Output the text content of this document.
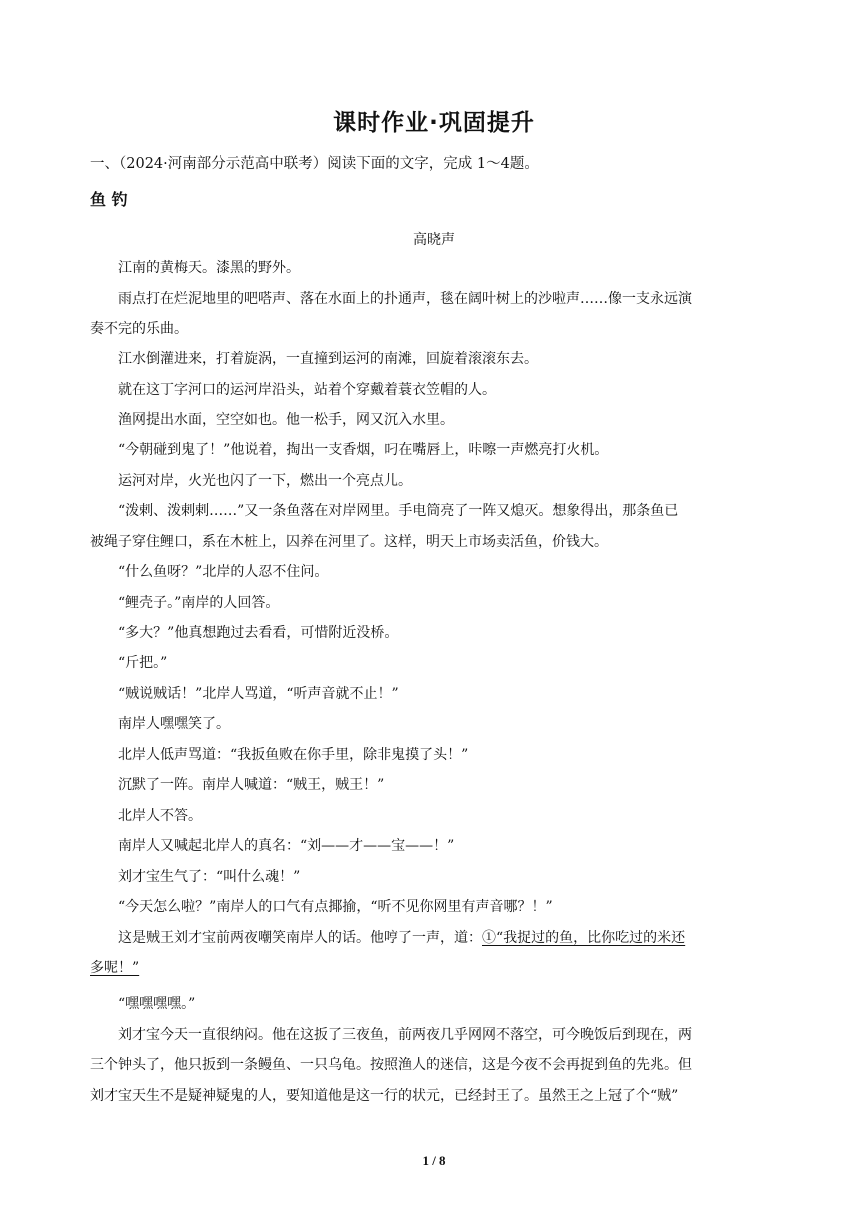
课时作业·巩固提升
一、（2024·河南部分示范高中联考）阅读下面的文字，完成 1～4题。
鱼 钓
高晓声
江南的黄梅天。漆黑的野外。
雨点打在烂泥地里的吧嗒声、落在水面上的扑通声，毯在阔叶树上的沙啦声……像一支永远演
奏不完的乐曲。
江水倒灌进来，打着旋涡，一直撞到运河的南滩，回旋着滚滚东去。
就在这丁字河口的运河岸沿头，站着个穿戴着蓑衣笠帽的人。
渔网提出水面，空空如也。他一松手，网又沉入水里。
“今朝碰到鬼了！”他说着，掏出一支香烟，叼在嘴唇上，咔嚓一声燃亮打火机。
运河对岸，火光也闪了一下，燃出一个亮点儿。
“泼剌、泼剌剌……”又一条鱼落在对岸网里。手电筒亮了一阵又熄灭。想象得出，那条鱼已
被绳子穿住鲤口，系在木桩上，囚养在河里了。这样，明天上市场卖活鱼，价钱大。
“什么鱼呀？”北岸的人忍不住问。
“鲤壳子。”南岸的人回答。
“多大？”他真想跑过去看看，可惜附近没桥。
“斤把。”
“贼说贼话！”北岸人骂道，“听声音就不止！”
南岸人嘿嘿笑了。
北岸人低声骂道：“我扳鱼败在你手里，除非鬼摸了头！”
沉默了一阵。南岸人喊道：“贼王，贼王！”
北岸人不答。
南岸人又喊起北岸人的真名：“刘——才——宝——！”
刘才宝生气了：“叫什么魂！”
“今天怎么啦？”南岸人的口气有点揶揄，“听不见你网里有声音哪？！”
这是贼王刘才宝前两夜嘲笑南岸人的话。他哼了一声，道：①“我捉过的鱼，比你吃过的米还
多呢！”
“嘿嘿嘿嘿。”
刘才宝今天一直很纳闷。他在这扳了三夜鱼，前两夜几乎网网不落空，可今晚饭后到现在，两
三个钟头了，他只扳到一条鳗鱼、一只乌龟。按照渔人的迷信，这是今夜不会再捉到鱼的先兆。但
刘才宝天生不是疑神疑鬼的人，要知道他是这一行的状元，已经封王了。虽然王之上冠了个“贼”
1 / 8
